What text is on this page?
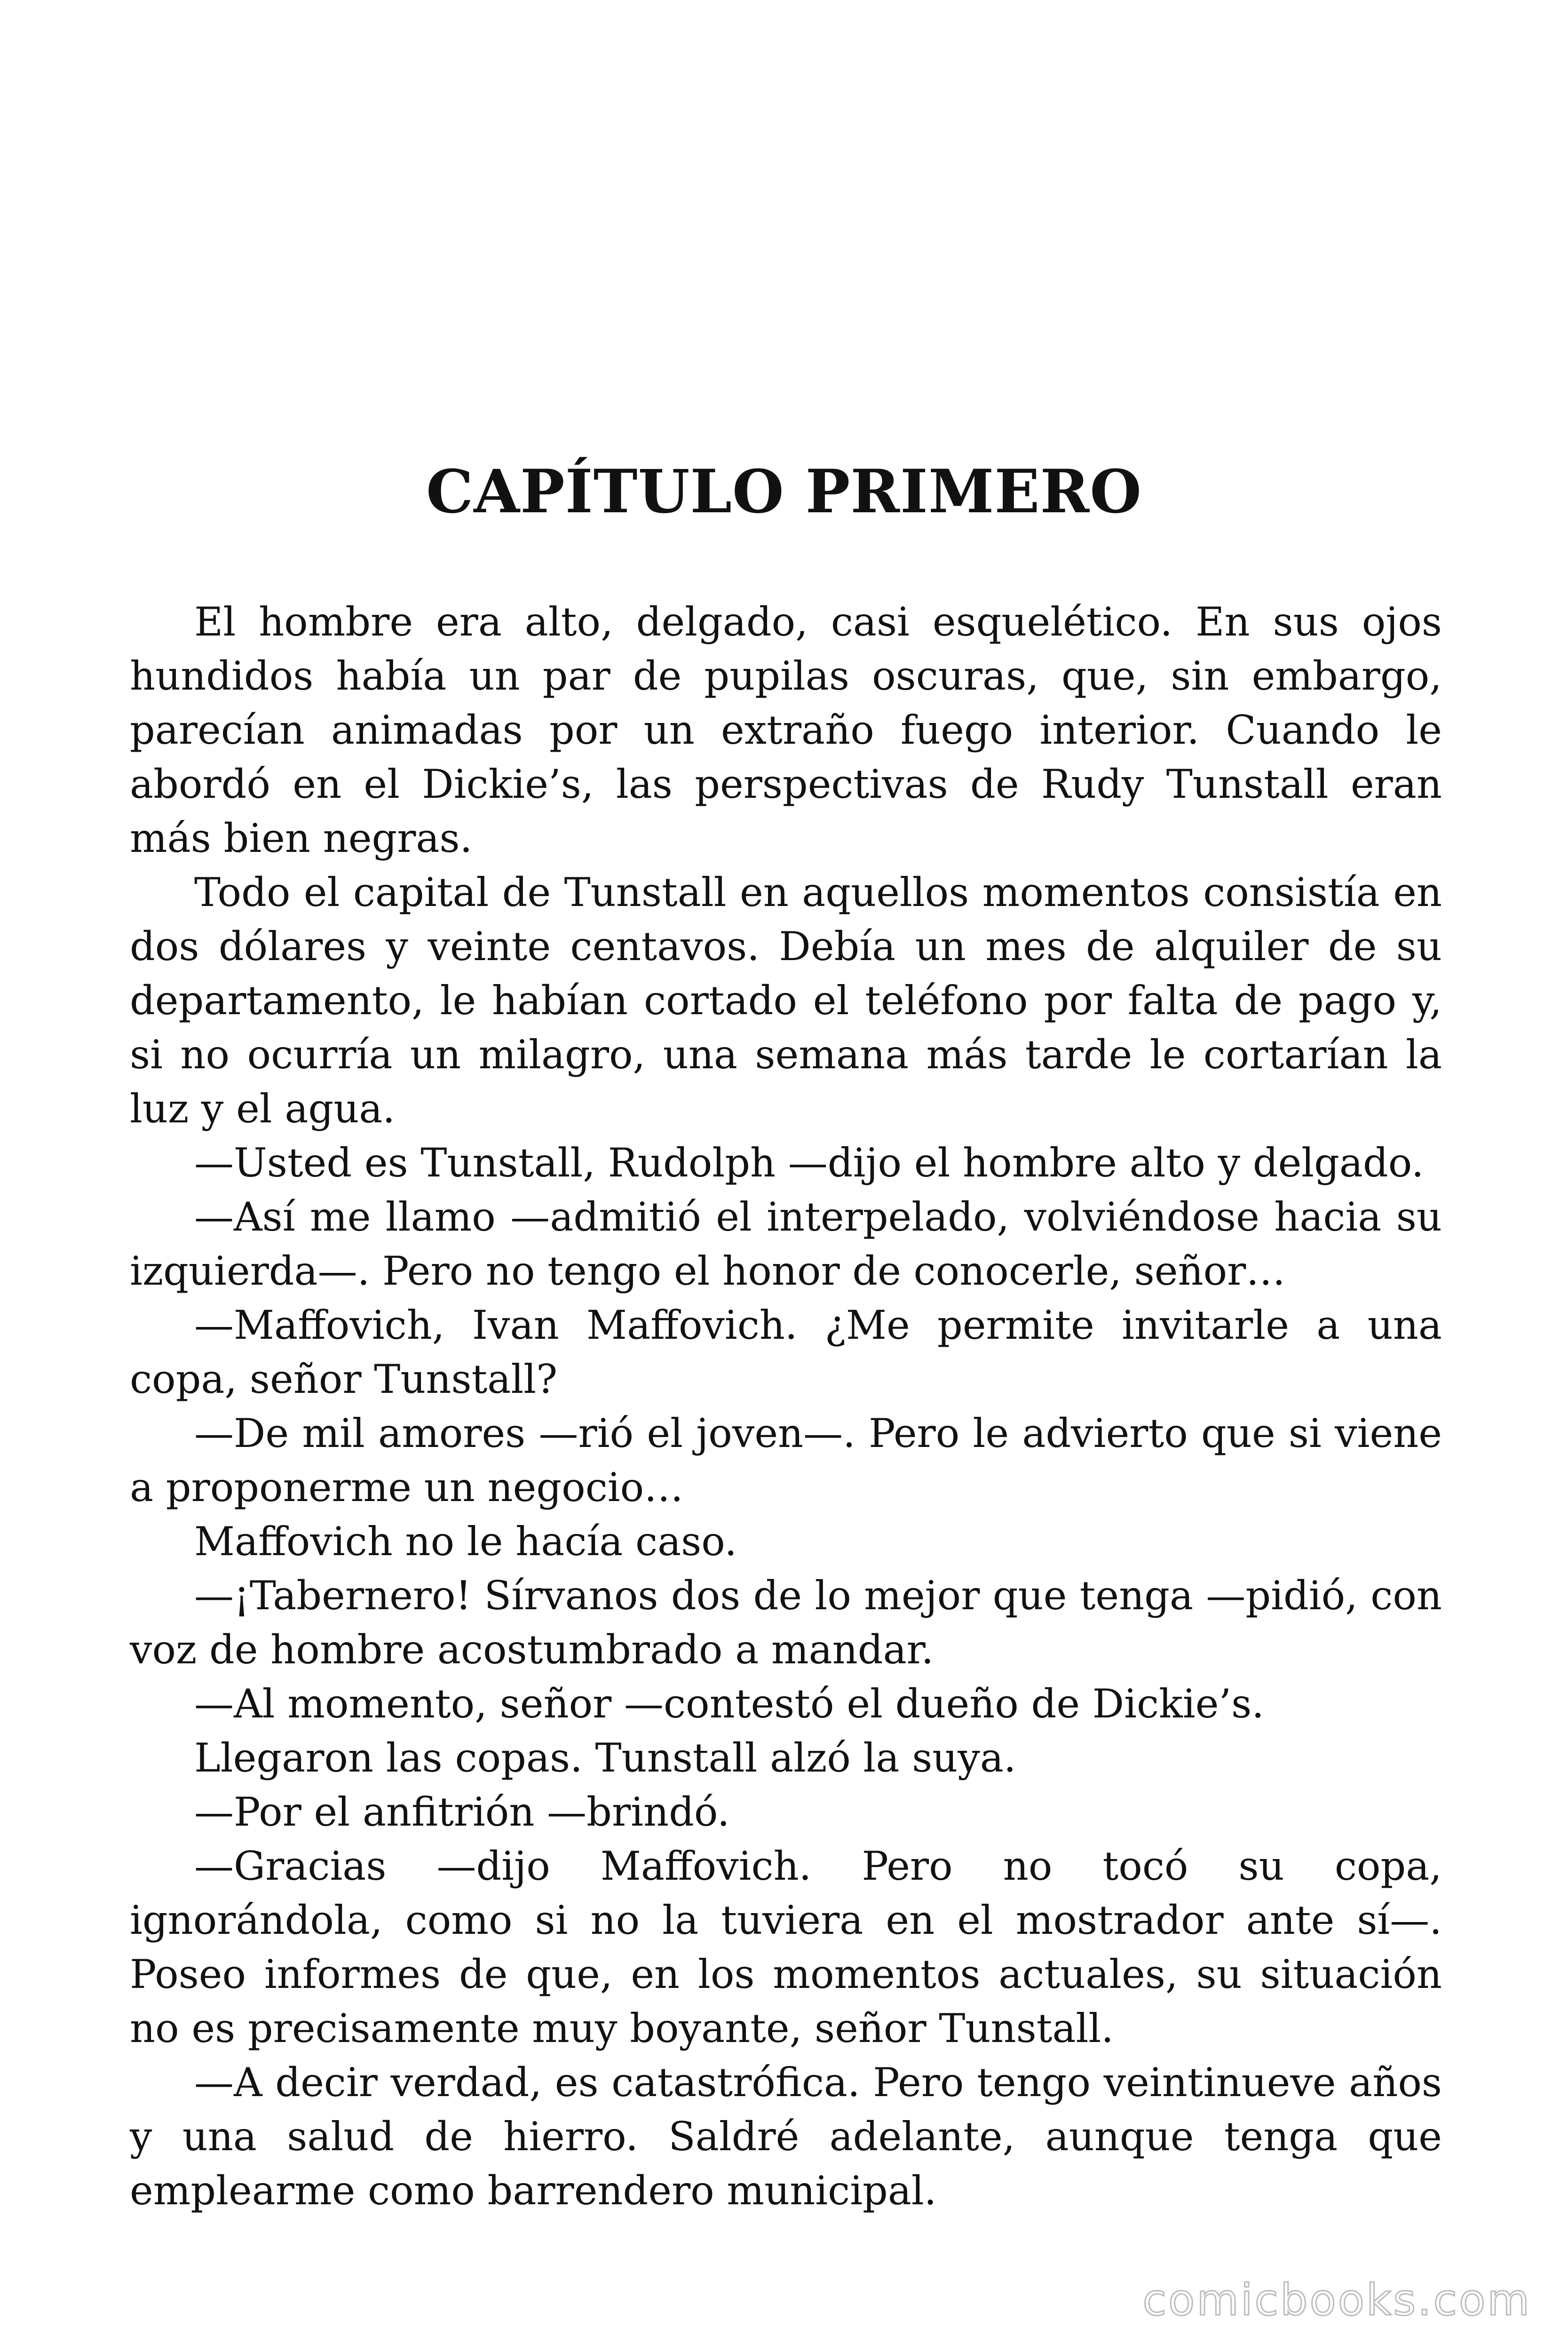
CAPÍTULO PRIMERO

El hombre era alto, delgado, casi esquelético. En sus ojos hundidos había un par de pupilas oscuras, que, sin embargo, parecían animadas por un extraño fuego interior. Cuando le abordó en el Dickie’s, las perspectivas de Rudy Tunstall eran más bien negras.

Todo el capital de Tunstall en aquellos momentos consistía en dos dólares y veinte centavos. Debía un mes de alquiler de su departamento, le habían cortado el teléfono por falta de pago y, si no ocurría un milagro, una semana más tarde le cortarían la luz y el agua.

—Usted es Tunstall, Rudolph —dijo el hombre alto y delgado.

—Así me llamo —admitió el interpelado, volviéndose hacia su izquierda—. Pero no tengo el honor de conocerle, señor…

—Maffovich, Ivan Maffovich. ¿Me permite invitarle a una copa, señor Tunstall?

—De mil amores —rió el joven—. Pero le advierto que si viene a proponerme un negocio…

Maffovich no le hacía caso.

—¡Tabernero! Sírvanos dos de lo mejor que tenga —pidió, con voz de hombre acostumbrado a mandar.

—Al momento, señor —contestó el dueño de Dickie’s.

Llegaron las copas. Tunstall alzó la suya.

—Por el anfitrión —brindó.

—Gracias —dijo Maffovich. Pero no tocó su copa, ignorándola, como si no la tuviera en el mostrador ante sí—. Poseo informes de que, en los momentos actuales, su situación no es precisamente muy boyante, señor Tunstall.

—A decir verdad, es catastrófica. Pero tengo veintinueve años y una salud de hierro. Saldré adelante, aunque tenga que emplearme como barrendero municipal.

comicbooks.com
